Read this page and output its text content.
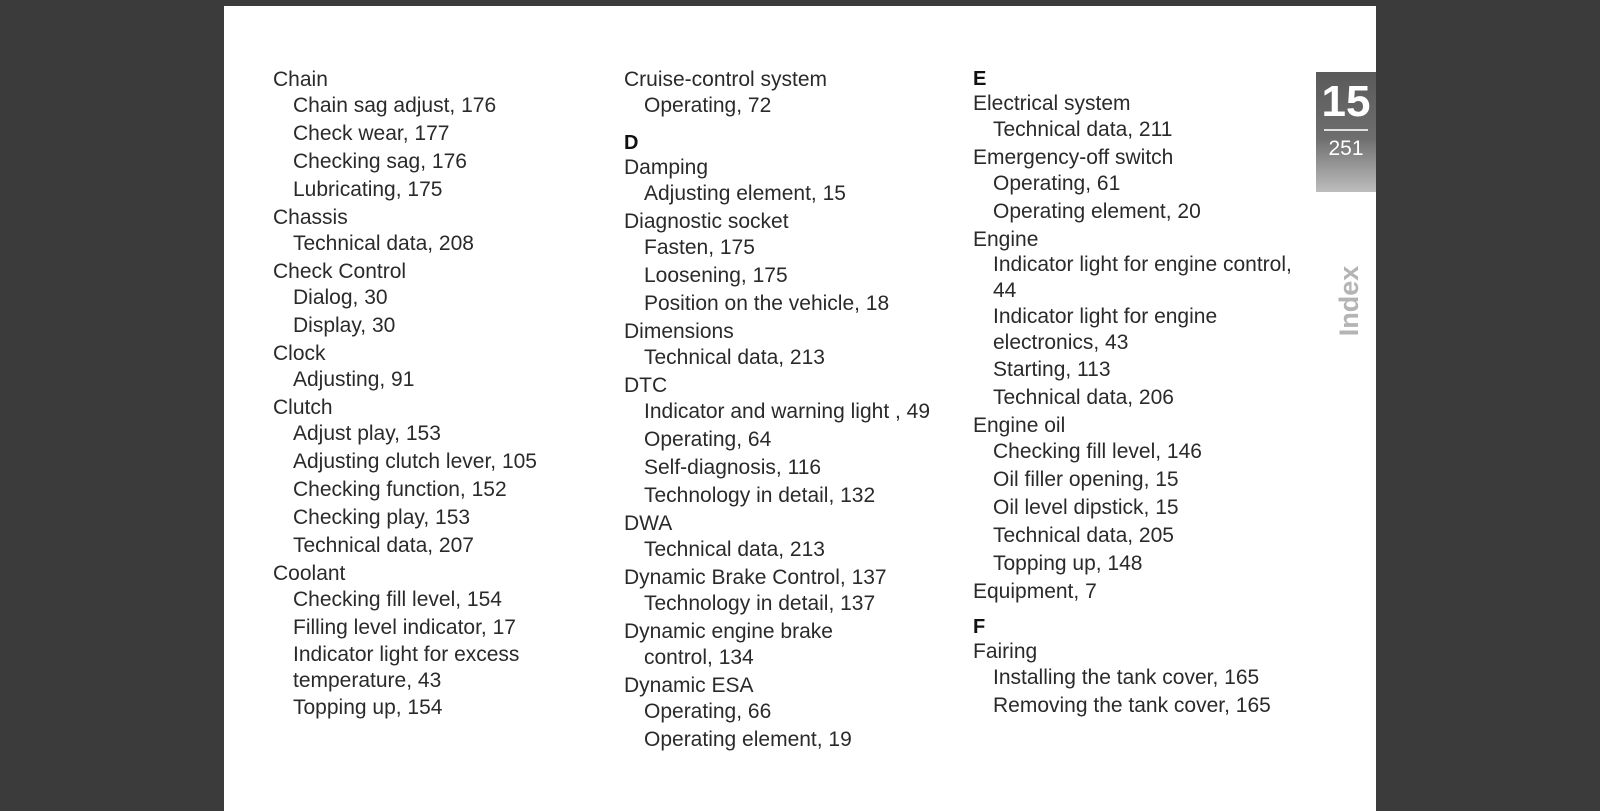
Chain
Chain sag adjust, 176
Check wear, 177
Checking sag, 176
Lubricating, 175
Chassis
Technical data, 208
Check Control
Dialog, 30
Display, 30
Clock
Adjusting, 91
Clutch
Adjust play, 153
Adjusting clutch lever, 105
Checking function, 152
Checking play, 153
Technical data, 207
Coolant
Checking fill level, 154
Filling level indicator, 17
Indicator light for excess temperature, 43
Topping up, 154
Cruise-control system
Operating, 72
D
Damping
Adjusting element, 15
Diagnostic socket
Fasten, 175
Loosening, 175
Position on the vehicle, 18
Dimensions
Technical data, 213
DTC
Indicator and warning light , 49
Operating, 64
Self-diagnosis, 116
Technology in detail, 132
DWA
Technical data, 213
Dynamic Brake Control, 137
Technology in detail, 137
Dynamic engine brake
control, 134
Dynamic ESA
Operating, 66
Operating element, 19
E
Electrical system
Technical data, 211
Emergency-off switch
Operating, 61
Operating element, 20
Engine
Indicator light for engine control, 44
Indicator light for engine electronics, 43
Starting, 113
Technical data, 206
Engine oil
Checking fill level, 146
Oil filler opening, 15
Oil level dipstick, 15
Technical data, 205
Topping up, 148
Equipment, 7
F
Fairing
Installing the tank cover, 165
Removing the tank cover, 165
15
251
Index
